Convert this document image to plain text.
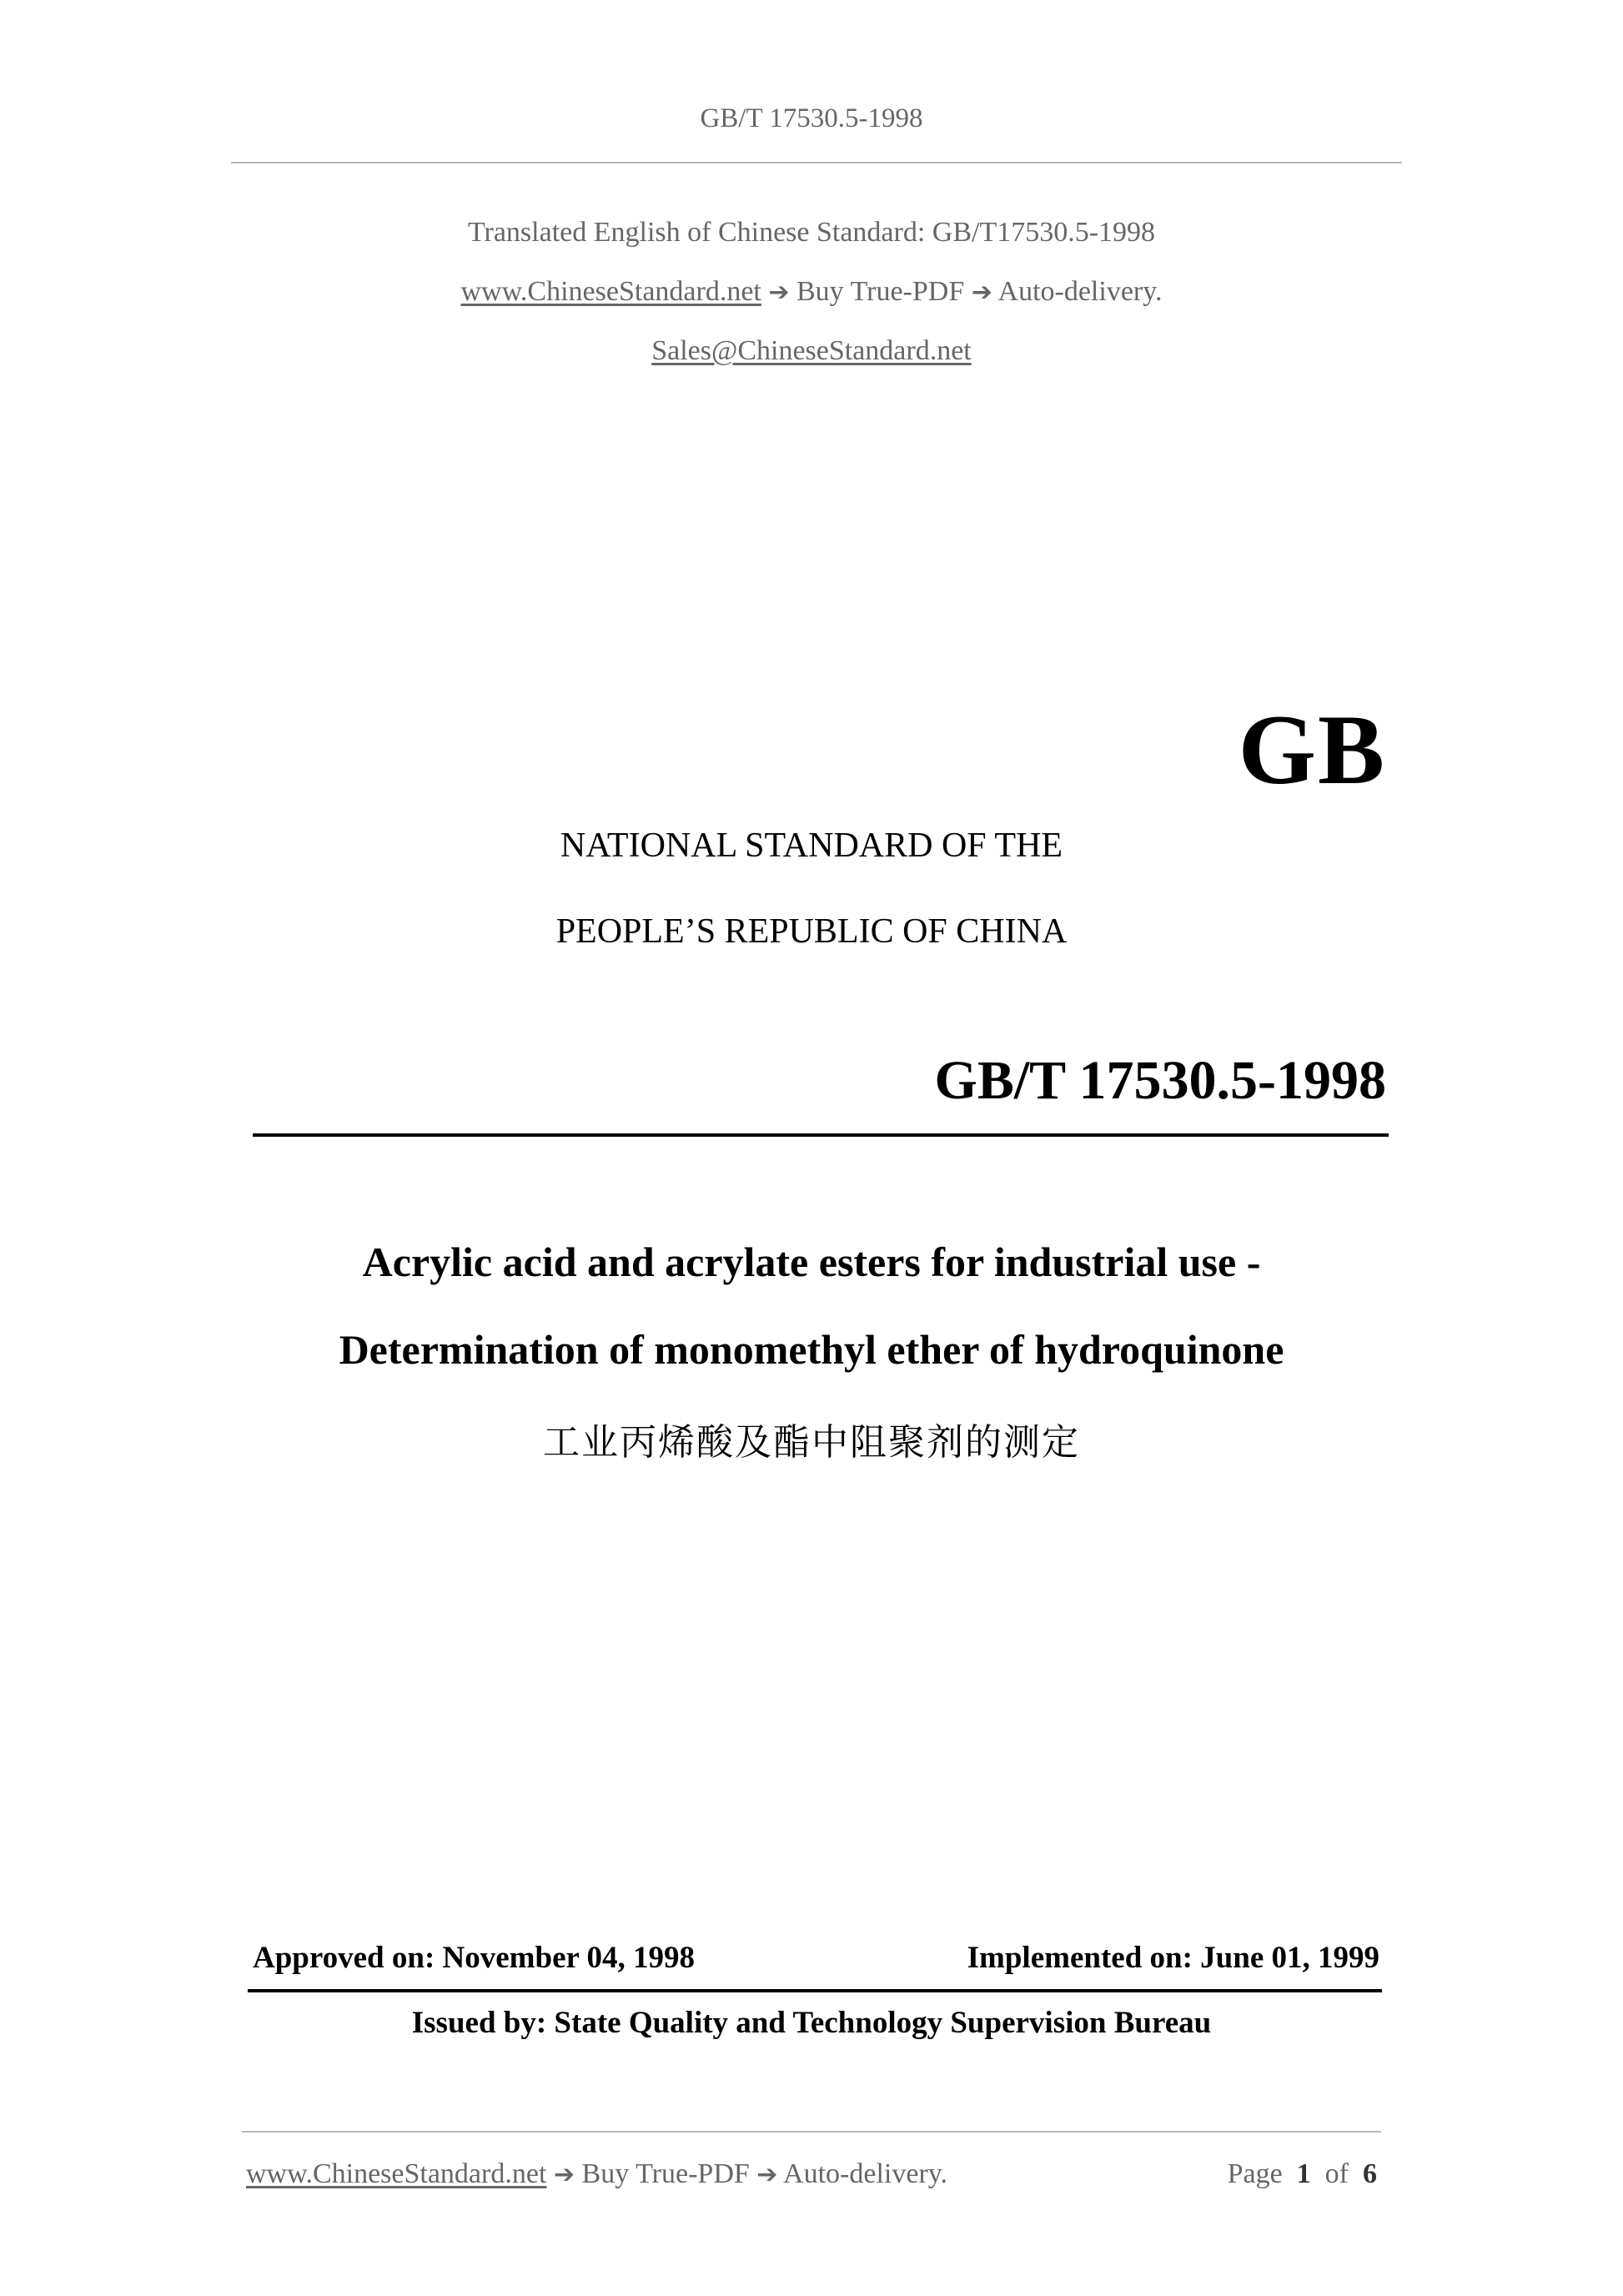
GB/T 17530.5-1998
Translated English of Chinese Standard: GB/T17530.5-1998
www.ChineseStandard.net ➔ Buy True-PDF ➔ Auto-delivery.
Sales@ChineseStandard.net
GB
NATIONAL STANDARD OF THE
PEOPLE’S REPUBLIC OF CHINA
GB/T 17530.5-1998
Acrylic acid and acrylate esters for industrial use -
Determination of monomethyl ether of hydroquinone
工业丙烯酸及酯中阻聚剂的测定
Approved on: November 04, 1998	Implemented on: June 01, 1999
Issued by: State Quality and Technology Supervision Bureau
www.ChineseStandard.net ➔ Buy True-PDF ➔ Auto-delivery.	Page 1 of 6
